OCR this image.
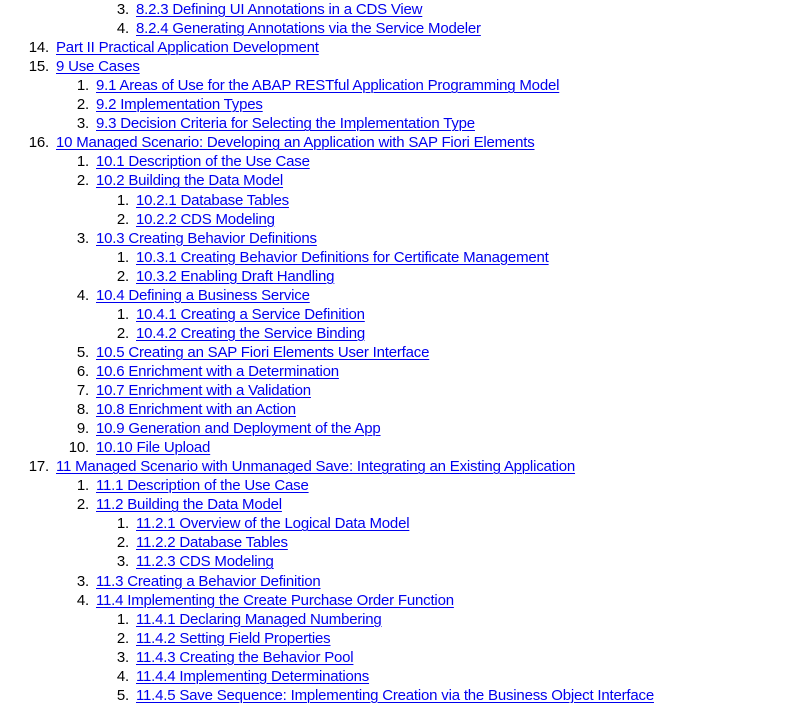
3. 8.2.3 Defining UI Annotations in a CDS View
4. 8.2.4 Generating Annotations via the Service Modeler
14. Part II Practical Application Development
15. 9 Use Cases
1. 9.1 Areas of Use for the ABAP RESTful Application Programming Model
2. 9.2 Implementation Types
3. 9.3 Decision Criteria for Selecting the Implementation Type
16. 10 Managed Scenario: Developing an Application with SAP Fiori Elements
1. 10.1 Description of the Use Case
2. 10.2 Building the Data Model
1. 10.2.1 Database Tables
2. 10.2.2 CDS Modeling
3. 10.3 Creating Behavior Definitions
1. 10.3.1 Creating Behavior Definitions for Certificate Management
2. 10.3.2 Enabling Draft Handling
4. 10.4 Defining a Business Service
1. 10.4.1 Creating a Service Definition
2. 10.4.2 Creating the Service Binding
5. 10.5 Creating an SAP Fiori Elements User Interface
6. 10.6 Enrichment with a Determination
7. 10.7 Enrichment with a Validation
8. 10.8 Enrichment with an Action
9. 10.9 Generation and Deployment of the App
10. 10.10 File Upload
17. 11 Managed Scenario with Unmanaged Save: Integrating an Existing Application
1. 11.1 Description of the Use Case
2. 11.2 Building the Data Model
1. 11.2.1 Overview of the Logical Data Model
2. 11.2.2 Database Tables
3. 11.2.3 CDS Modeling
3. 11.3 Creating a Behavior Definition
4. 11.4 Implementing the Create Purchase Order Function
1. 11.4.1 Declaring Managed Numbering
2. 11.4.2 Setting Field Properties
3. 11.4.3 Creating the Behavior Pool
4. 11.4.4 Implementing Determinations
5. 11.4.5 Save Sequence: Implementing Creation via the Business Object Interface
